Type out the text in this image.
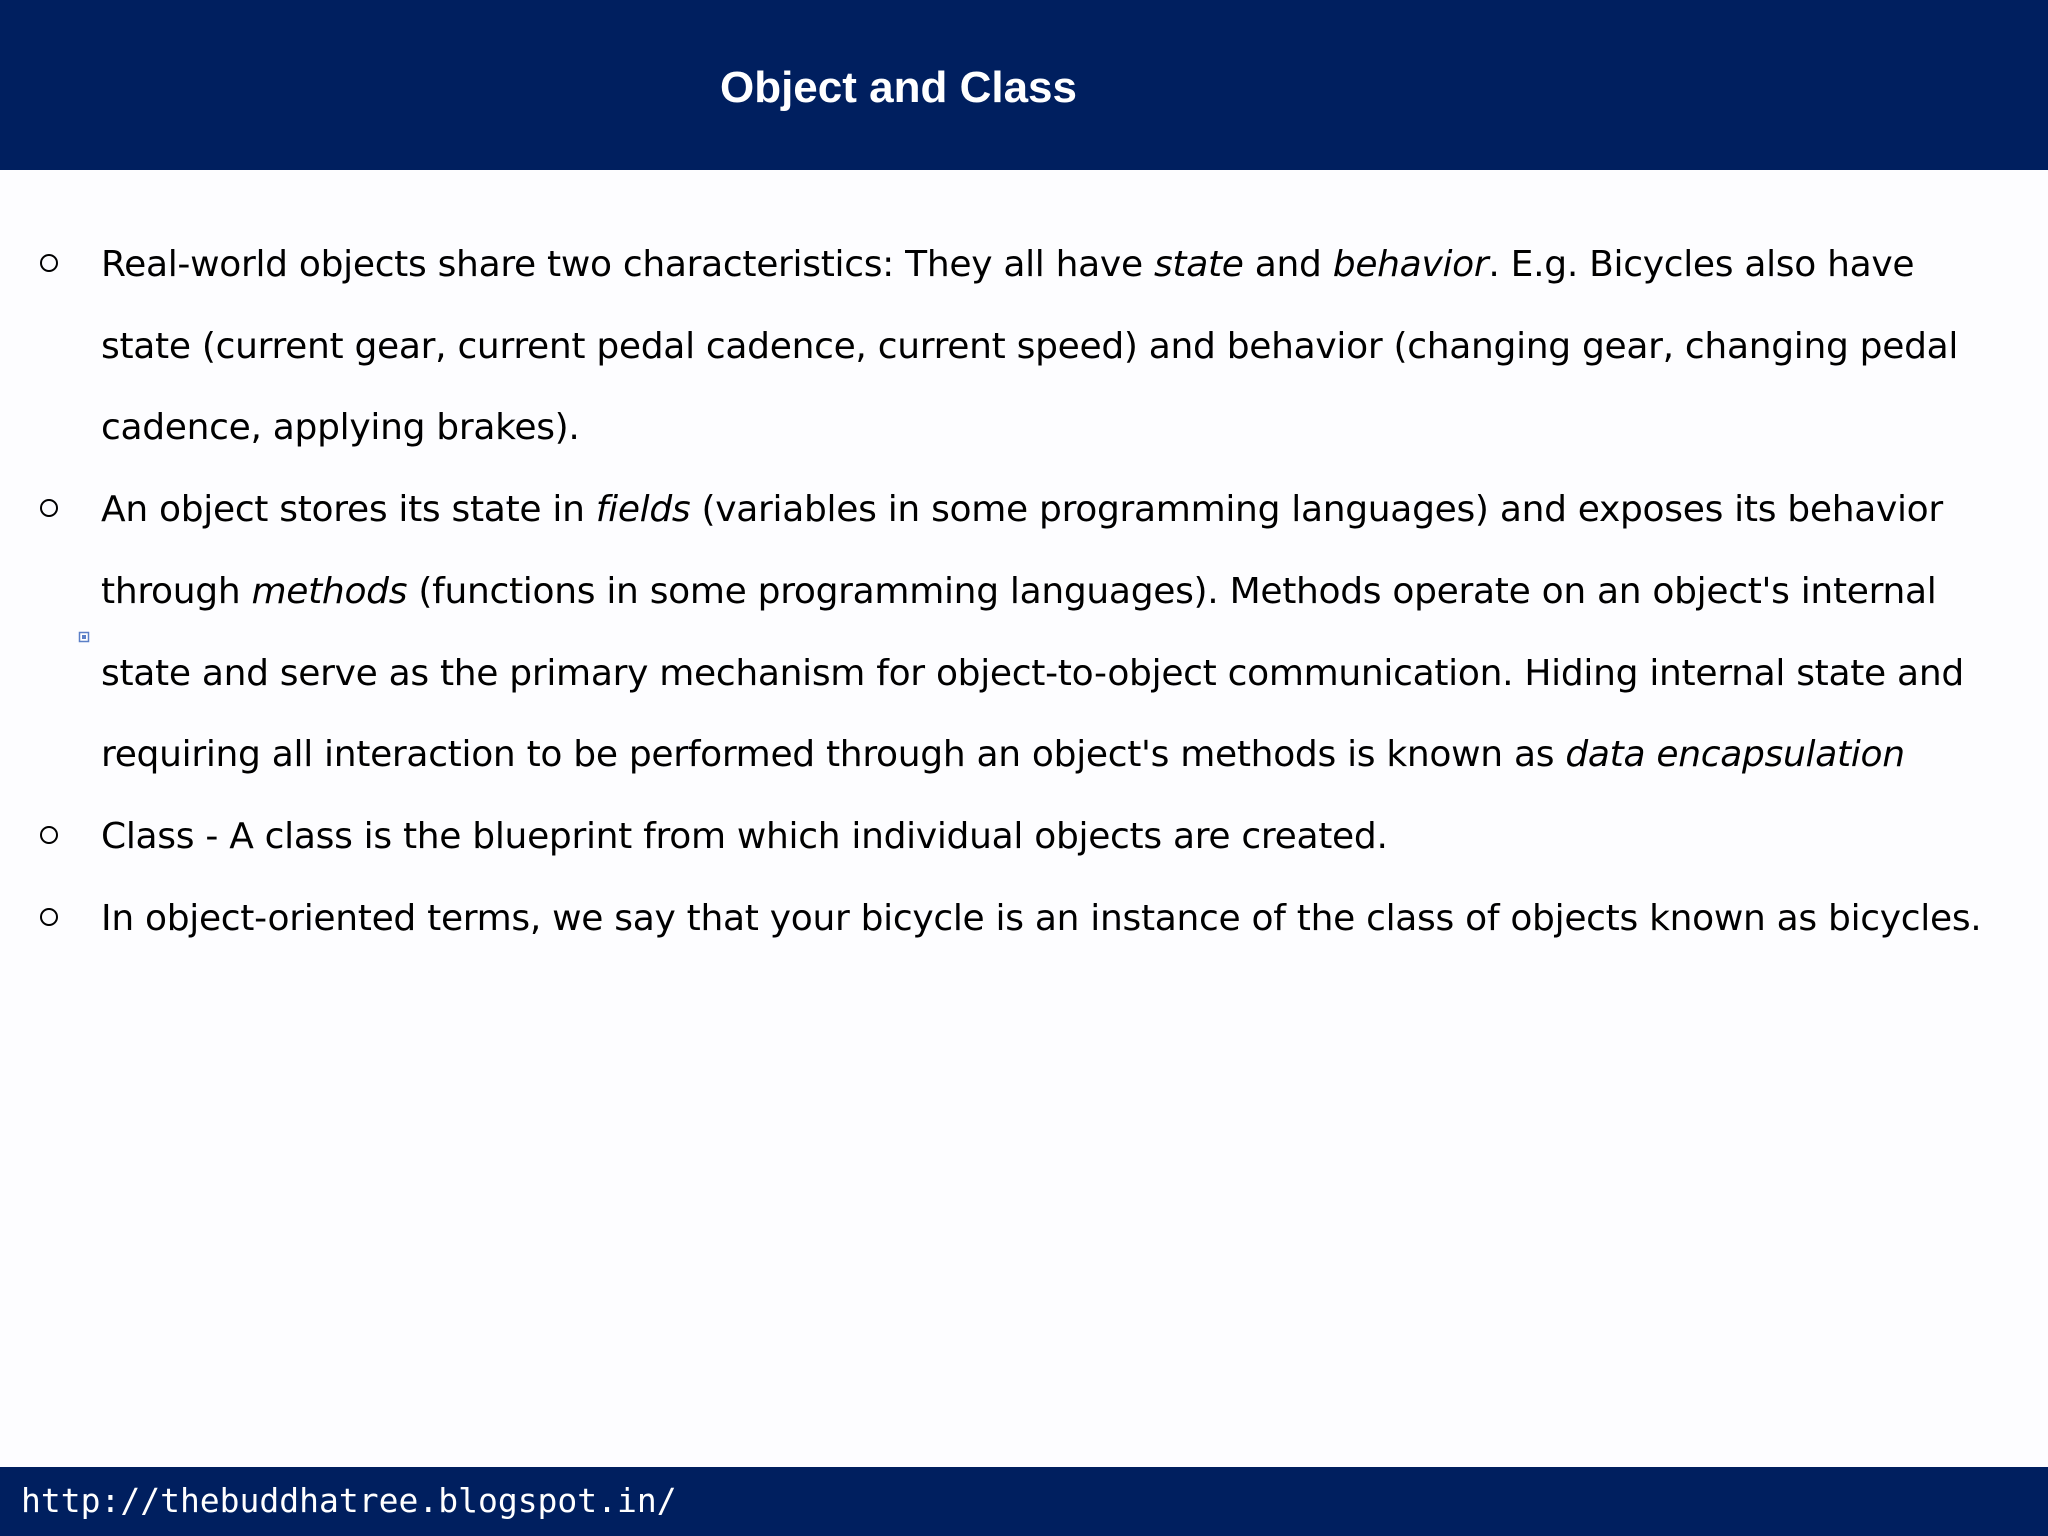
Object and Class
Real-world objects share two characteristics: They all have state and behavior. E.g. Bicycles also have state (current gear, current pedal cadence, current speed) and behavior (changing gear, changing pedal cadence, applying brakes).
An object stores its state in fields (variables in some programming languages) and exposes its behavior through methods (functions in some programming languages). Methods operate on an object's internal state and serve as the primary mechanism for object-to-object communication. Hiding internal state and requiring all interaction to be performed through an object's methods is known as data encapsulation
Class - A class is the blueprint from which individual objects are created.
In object-oriented terms, we say that your bicycle is an instance of the class of objects known as bicycles.
http://thebuddhatree.blogspot.in/
